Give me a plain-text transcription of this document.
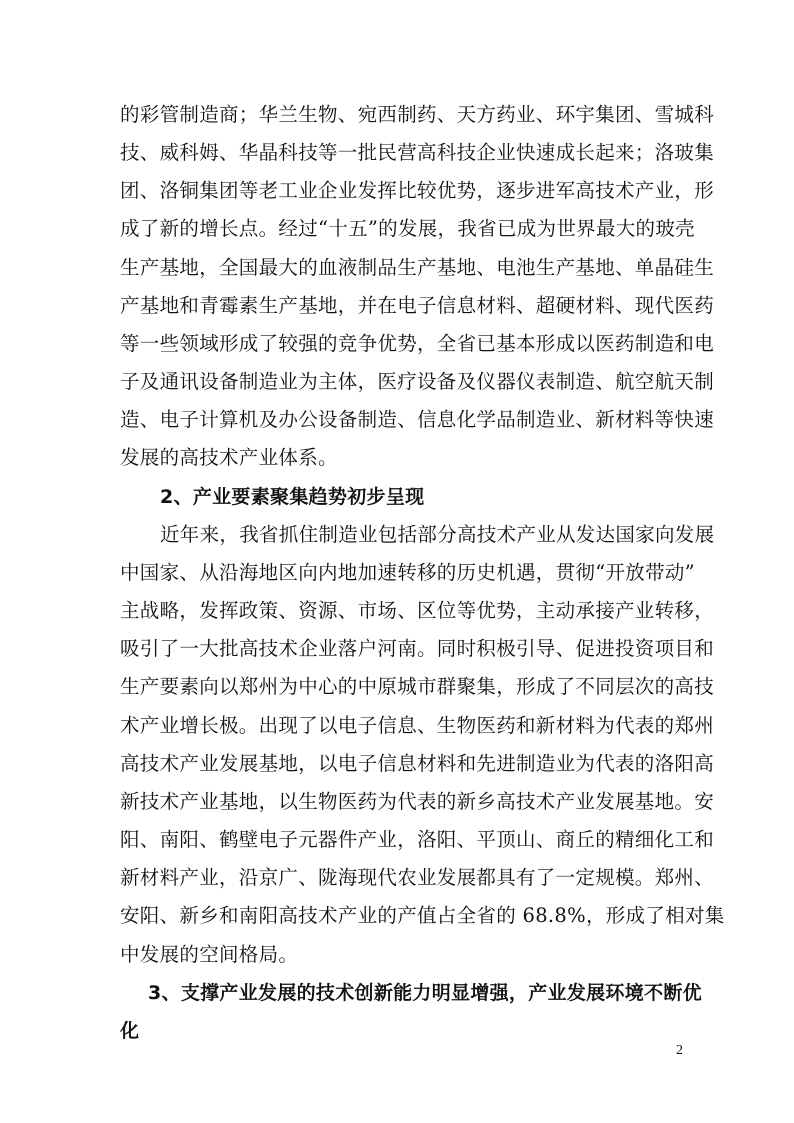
的彩管制造商；华兰生物、宛西制药、天方药业、环宇集团、雪城科
技、威科姆、华晶科技等一批民营高科技企业快速成长起来；洛玻集
团、洛铜集团等老工业企业发挥比较优势，逐步进军高技术产业，形
成了新的增长点。经过“十五”的发展，我省已成为世界最大的玻壳
生产基地，全国最大的血液制品生产基地、电池生产基地、单晶硅生
产基地和青霉素生产基地，并在电子信息材料、超硬材料、现代医药
等一些领域形成了较强的竞争优势，全省已基本形成以医药制造和电
子及通讯设备制造业为主体，医疗设备及仪器仪表制造、航空航天制
造、电子计算机及办公设备制造、信息化学品制造业、新材料等快速
发展的高技术产业体系。
2、产业要素聚集趋势初步呈现
近年来，我省抓住制造业包括部分高技术产业从发达国家向发展
中国家、从沿海地区向内地加速转移的历史机遇，贯彻“开放带动”
主战略，发挥政策、资源、市场、区位等优势，主动承接产业转移，
吸引了一大批高技术企业落户河南。同时积极引导、促进投资项目和
生产要素向以郑州为中心的中原城市群聚集，形成了不同层次的高技
术产业增长极。出现了以电子信息、生物医药和新材料为代表的郑州
高技术产业发展基地，以电子信息材料和先进制造业为代表的洛阳高
新技术产业基地，以生物医药为代表的新乡高技术产业发展基地。安
阳、南阳、鹤壁电子元器件产业，洛阳、平顶山、商丘的精细化工和
新材料产业，沿京广、陇海现代农业发展都具有了一定规模。郑州、
安阳、新乡和南阳高技术产业的产值占全省的 68.8%，形成了相对集
中发展的空间格局。
3、支撑产业发展的技术创新能力明显增强，产业发展环境不断优
化
2
